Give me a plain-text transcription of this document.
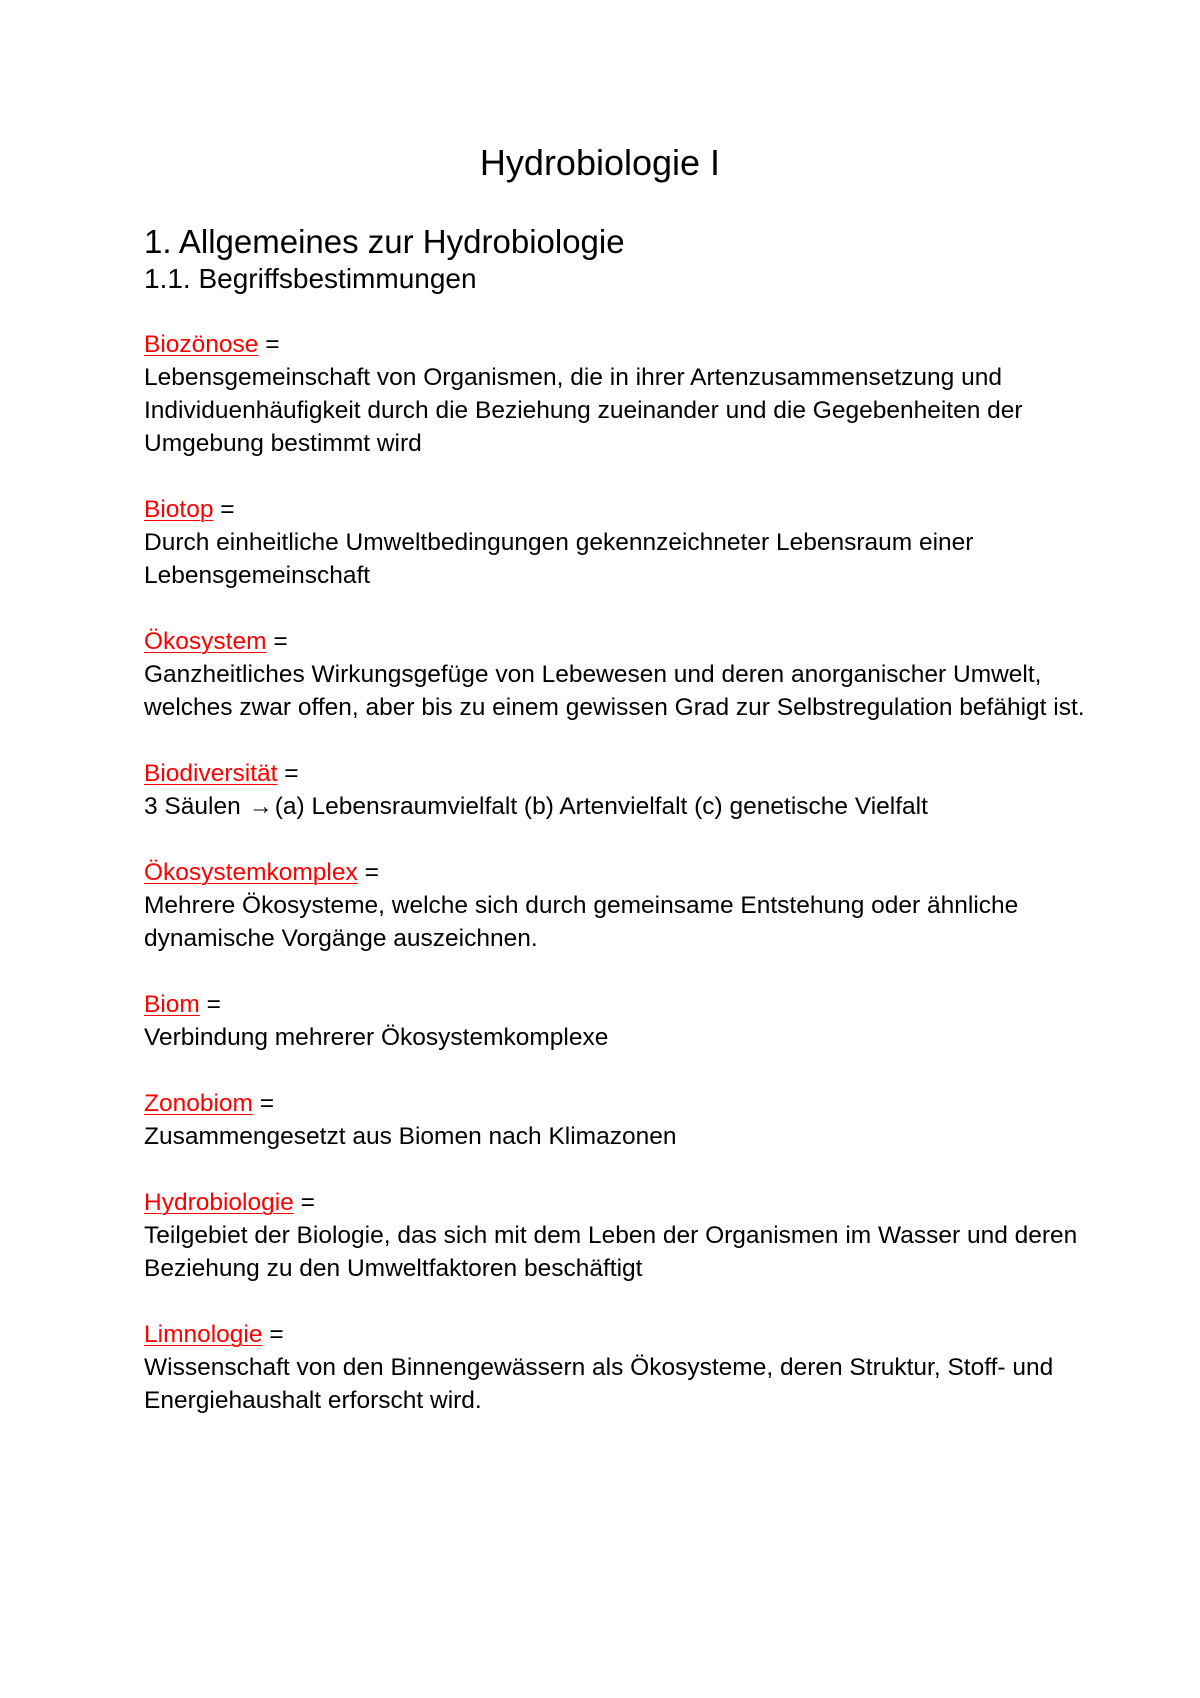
Hydrobiologie I
1. Allgemeines zur Hydrobiologie
1.1. Begriffsbestimmungen
Biozönose =
Lebensgemeinschaft von Organismen, die in ihrer Artenzusammensetzung und Individuenhäufigkeit durch die Beziehung zueinander und die Gegebenheiten der Umgebung bestimmt wird
Biotop =
Durch einheitliche Umweltbedingungen gekennzeichneter Lebensraum einer Lebensgemeinschaft
Ökosystem =
Ganzheitliches Wirkungsgefüge von Lebewesen und deren anorganischer Umwelt, welches zwar offen, aber bis zu einem gewissen Grad zur Selbstregulation befähigt ist.
Biodiversität =
3 Säulen →(a) Lebensraumvielfalt (b) Artenvielfalt (c) genetische Vielfalt
Ökosystemkomplex =
Mehrere Ökosysteme, welche sich durch gemeinsame Entstehung oder ähnliche dynamische Vorgänge auszeichnen.
Biom =
Verbindung mehrerer Ökosystemkomplexe
Zonobiom =
Zusammengesetzt aus Biomen nach Klimazonen
Hydrobiologie =
Teilgebiet der Biologie, das sich mit dem Leben der Organismen im Wasser und deren Beziehung zu den Umweltfaktoren beschäftigt
Limnologie =
Wissenschaft von den Binnengewässern als Ökosysteme, deren Struktur, Stoff- und Energiehaushalt erforscht wird.
